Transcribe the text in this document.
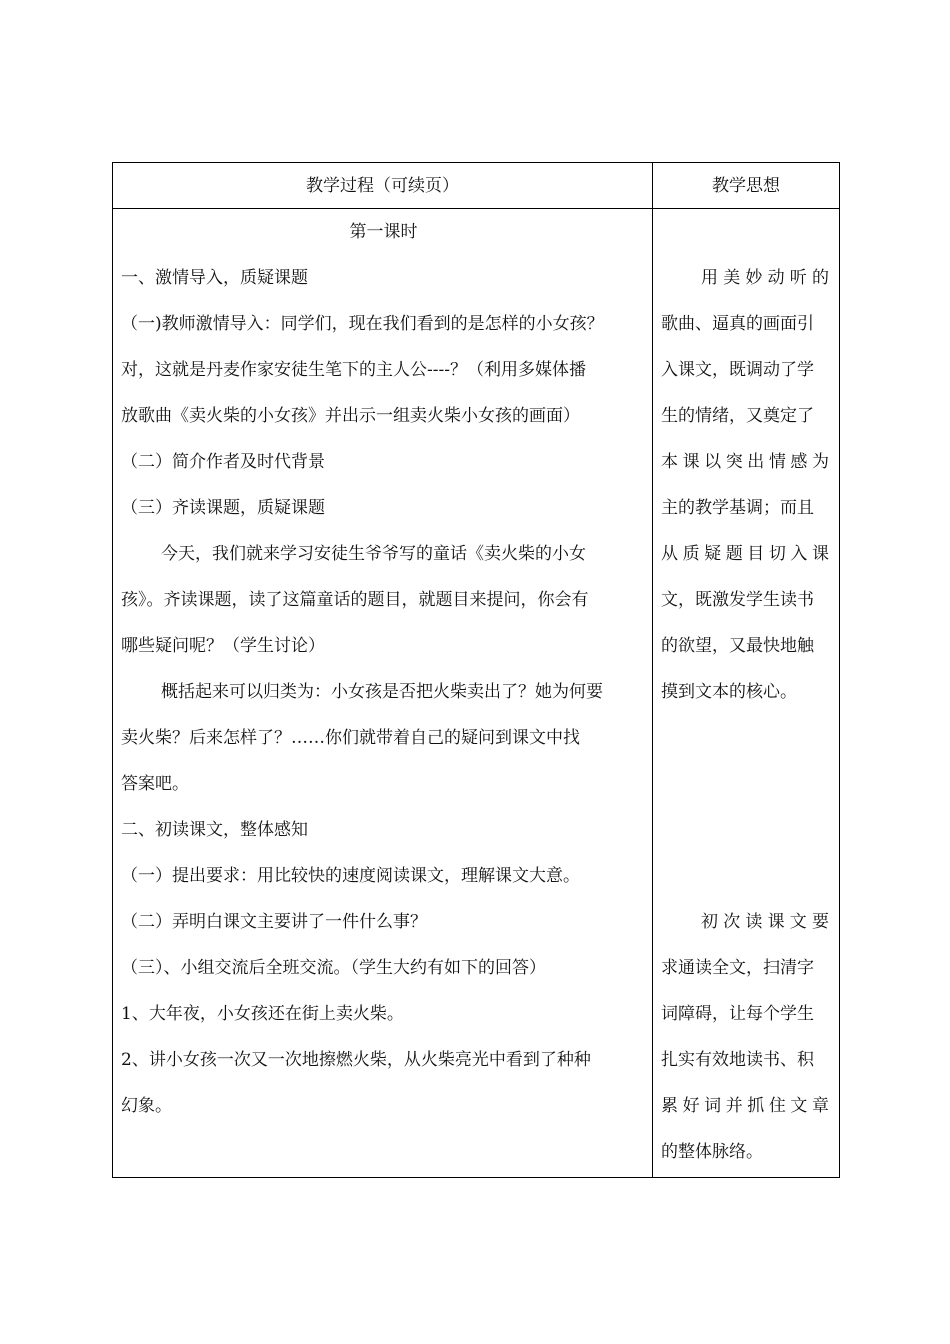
教学过程（可续页）	教学思想
第一课时
一、激情导入，质疑课题
（一)教师激情导入：同学们，现在我们看到的是怎样的小女孩？
对，这就是丹麦作家安徒生笔下的主人公----？（利用多媒体播
放歌曲《卖火柴的小女孩》并出示一组卖火柴小女孩的画面）
（二）简介作者及时代背景
（三）齐读课题，质疑课题
今天，我们就来学习安徒生爷爷写的童话《卖火柴的小女
孩》。齐读课题，读了这篇童话的题目，就题目来提问，你会有
哪些疑问呢？（学生讨论）
概括起来可以归类为：小女孩是否把火柴卖出了？她为何要
卖火柴？后来怎样了？……你们就带着自己的疑问到课文中找
答案吧。
二、初读课文，整体感知
（一）提出要求：用比较快的速度阅读课文，理解课文大意。
（二）弄明白课文主要讲了一件什么事？
（三）、小组交流后全班交流。（学生大约有如下的回答）
1、大年夜，小女孩还在街上卖火柴。
2、讲小女孩一次又一次地擦燃火柴，从火柴亮光中看到了种种
幻象。
用美妙动听的
歌曲、逼真的画面引
入课文，既调动了学
生的情绪，又奠定了
本课以突出情感为
主的教学基调；而且
从质疑题目切入课
文，既激发学生读书
的欲望，又最快地触
摸到文本的核心。
初次读课文要
求通读全文，扫清字
词障碍，让每个学生
扎实有效地读书、积
累好词并抓住文章
的整体脉络。
